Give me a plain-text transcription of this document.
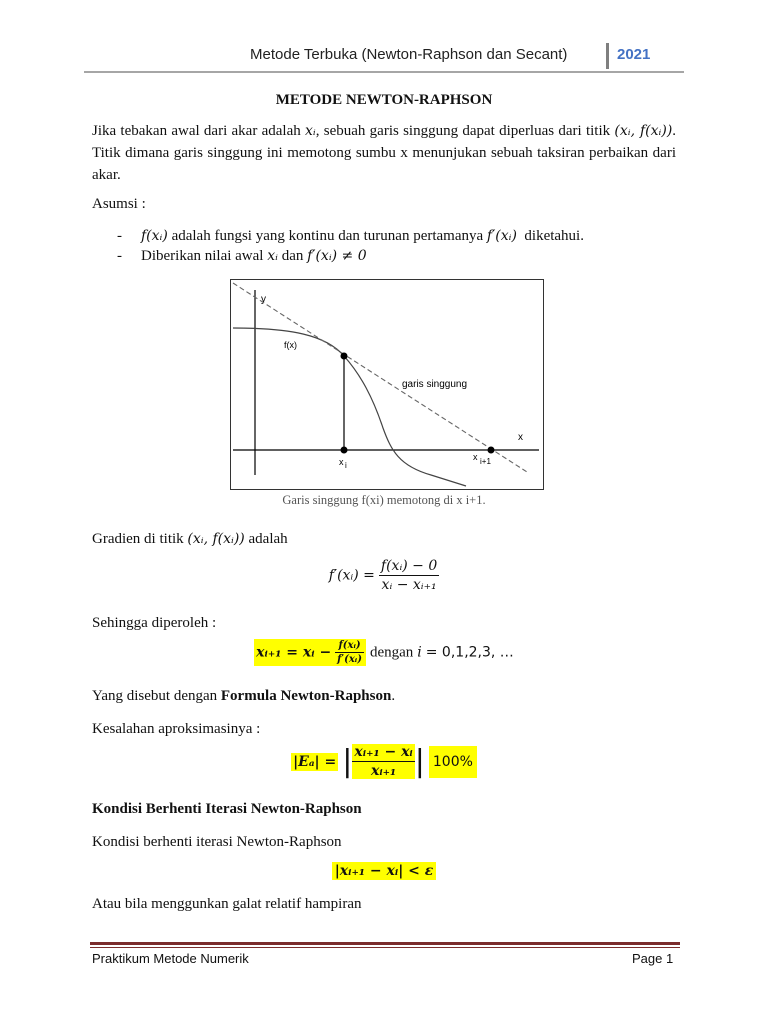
Metode Terbuka (Newton-Raphson dan Secant)	2021
METODE NEWTON-RAPHSON
Jika tebakan awal dari akar adalah xᵢ, sebuah garis singgung dapat diperluas dari titik (xᵢ, f(xᵢ)). Titik dimana garis singgung ini memotong sumbu x menunjukan sebuah taksiran perbaikan dari akar.
Asumsi :
- f(xᵢ) adalah fungsi yang kontinu dan turunan pertamanya f′(xᵢ) diketahui.
- Diberikan nilai awal xᵢ dan f′(xᵢ) ≠ 0
y
x
f(x)
garis singgung
x i
x i+1
Garis singgung f(xi) memotong di x i+1.
Gradien di titik (xᵢ, f(xᵢ)) adalah
f′(xᵢ) = $\frac{\text{f(xᵢ) − 0}}{\text{xᵢ − xᵢ₊₁}}$
Sehingga diperoleh :
xᵢ₊₁ = xᵢ − $\frac{\text{f(xᵢ)}}{\text{f′(xᵢ)}}$ dengan i = 0,1,2,3, …
Yang disebut dengan Formula Newton-Raphson.
Kesalahan aproksimasinya :
|Eₐ| = | $\frac{\text{xᵢ₊₁ − xᵢ}}{\text{xᵢ₊₁}}$ | 100%
Kondisi Berhenti Iterasi Newton-Raphson
Kondisi berhenti iterasi Newton-Raphson
|xᵢ₊₁ − xᵢ| < ε
Atau bila menggunkan galat relatif hampiran
Praktikum Metode Numerik	Page 1
